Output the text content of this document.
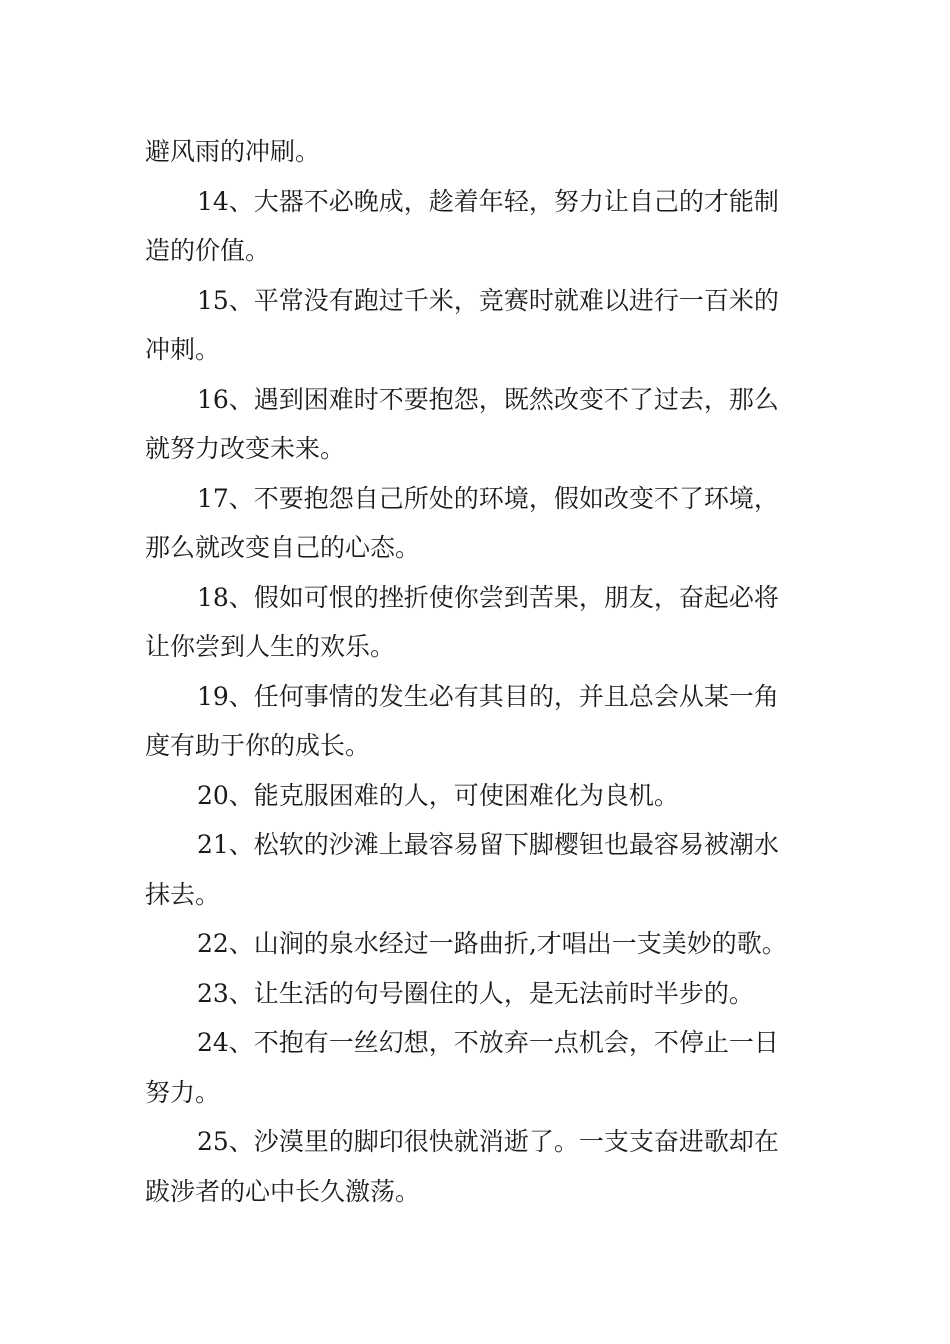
避风雨的冲刷。
14、大器不必晚成，趁着年轻，努力让自己的才能制
造的价值。
15、平常没有跑过千米，竞赛时就难以进行一百米的
冲刺。
16、遇到困难时不要抱怨，既然改变不了过去，那么
就努力改变未来。
17、不要抱怨自己所处的环境，假如改变不了环境，
那么就改变自己的心态。
18、假如可恨的挫折使你尝到苦果，朋友，奋起必将
让你尝到人生的欢乐。
19、任何事情的发生必有其目的，并且总会从某一角
度有助于你的成长。
20、能克服困难的人，可使困难化为良机。
21、松软的沙滩上最容易留下脚樱钽也最容易被潮水
抹去。
22、山涧的泉水经过一路曲折,才唱出一支美妙的歌。
23、让生活的句号圈住的人，是无法前时半步的。
24、不抱有一丝幻想，不放弃一点机会，不停止一日
努力。
25、沙漠里的脚印很快就消逝了。一支支奋进歌却在
跋涉者的心中长久激荡。
